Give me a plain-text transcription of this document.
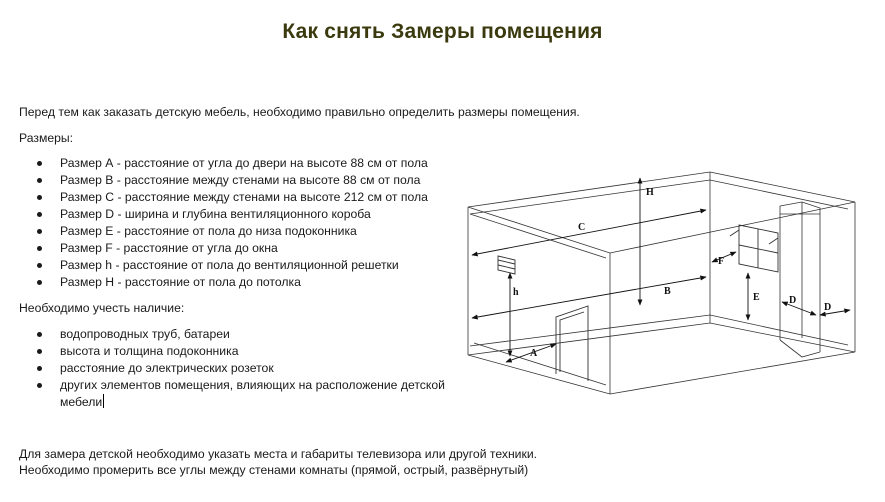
Как снять Замеры помещения
Перед тем как заказать детскую мебель, необходимо правильно определить размеры помещения.
Размеры:
Размер А - расстояние от угла до двери на высоте 88 см от пола
Размер В - расстояние между стенами на высоте 88 см от пола
Размер С - расстояние между стенами на высоте 212 см от пола
Размер D - ширина и глубина вентиляционного короба
Размер Е - расстояние от пола до низа подоконника
Размер F - расстояние от угла до окна
Размер h - расстояние от пола до вентиляционной решетки
Размер Н - расстояние от пола до потолка
Необходимо учесть наличие:
водопроводных труб, батареи
высота и толщина подоконника
расстояние до электрических розеток
других элементов помещения, влияющих на расположение детской
мебели
Для замера детской необходимо указать места и габариты телевизора или другой техники.
Необходимо промерить все углы между стенами комнаты (прямой, острый, развёрнутый)
C
B
H
h
A
F
E	D
D
